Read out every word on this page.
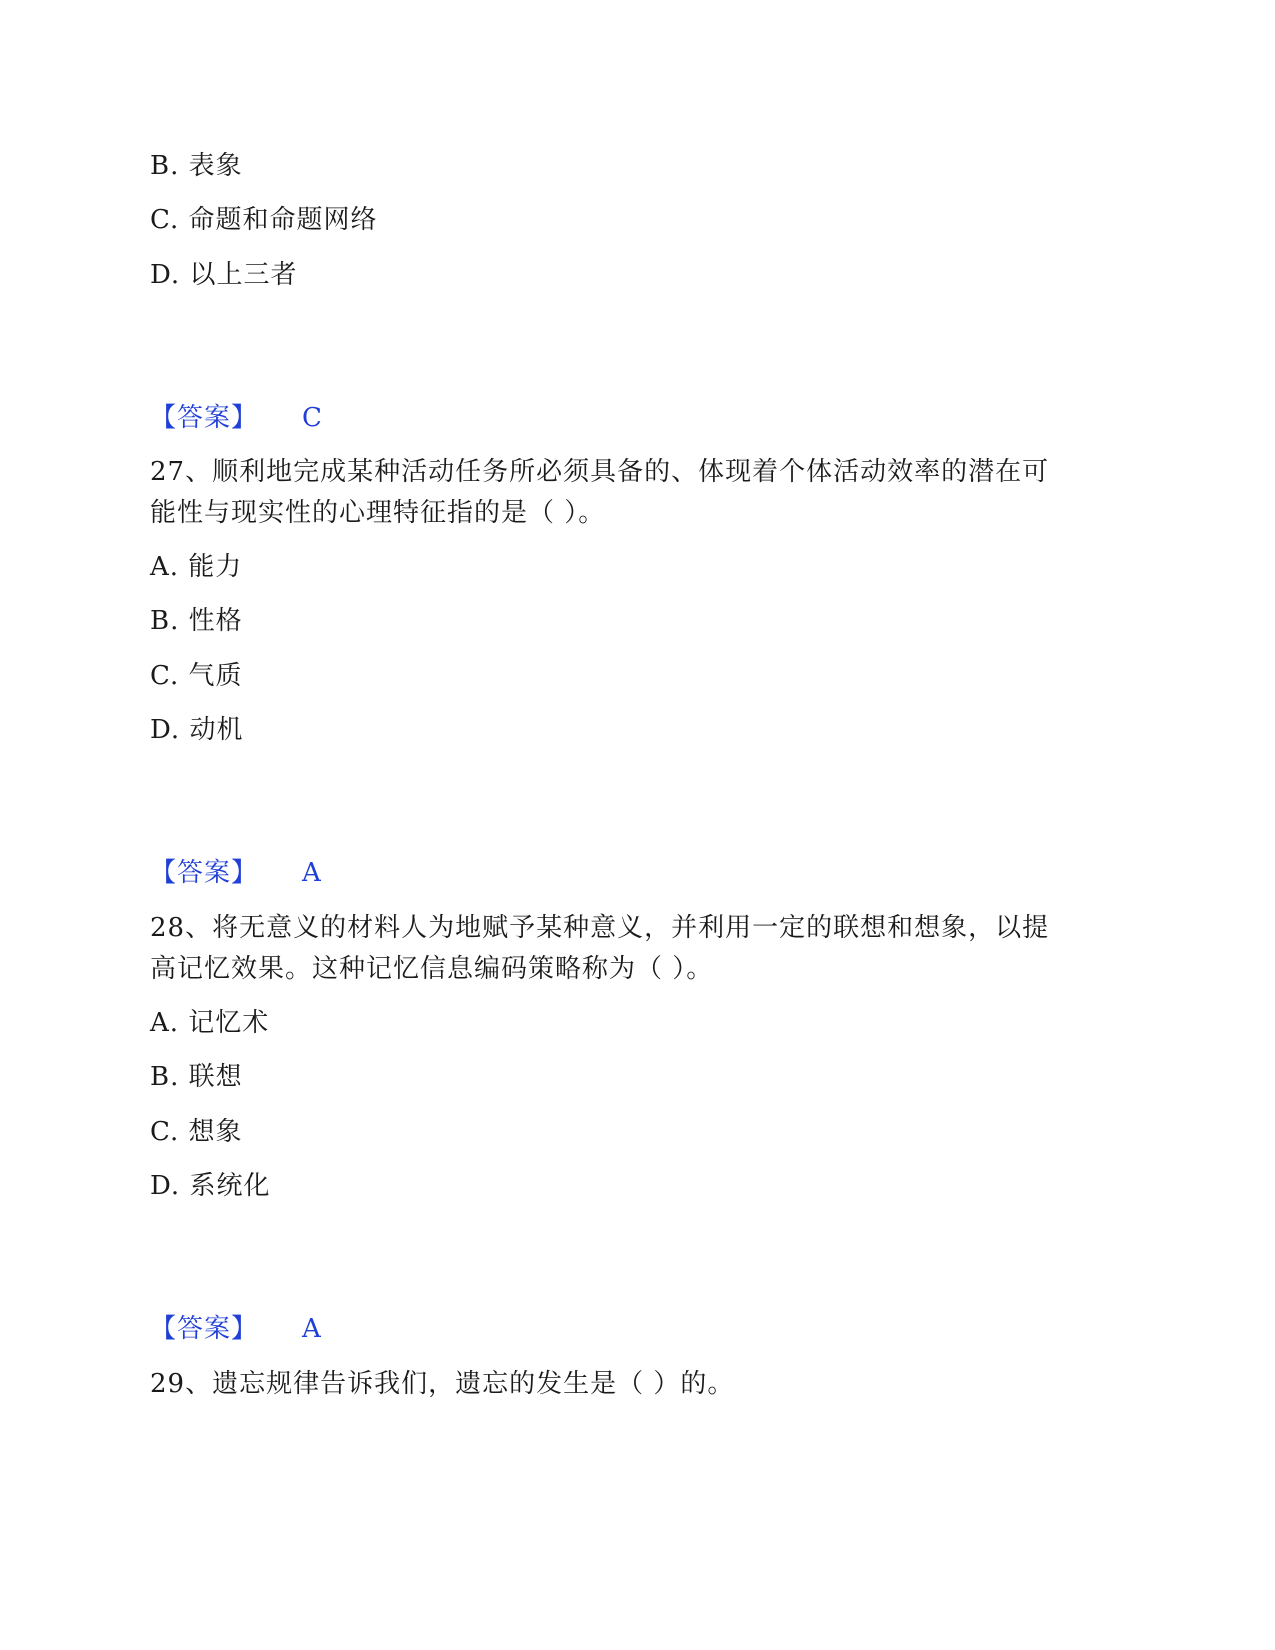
B. 表象
C. 命题和命题网络
D. 以上三者
【答案】 C
27、顺利地完成某种活动任务所必须具备的、体现着个体活动效率的潜在可
能性与现实性的心理特征指的是（ ）。
A. 能力
B. 性格
C. 气质
D. 动机
【答案】 A
28、将无意义的材料人为地赋予某种意义，并利用一定的联想和想象，以提
高记忆效果。这种记忆信息编码策略称为（ ）。
A. 记忆术
B. 联想
C. 想象
D. 系统化
【答案】 A
29、遗忘规律告诉我们，遗忘的发生是（ ）的。
